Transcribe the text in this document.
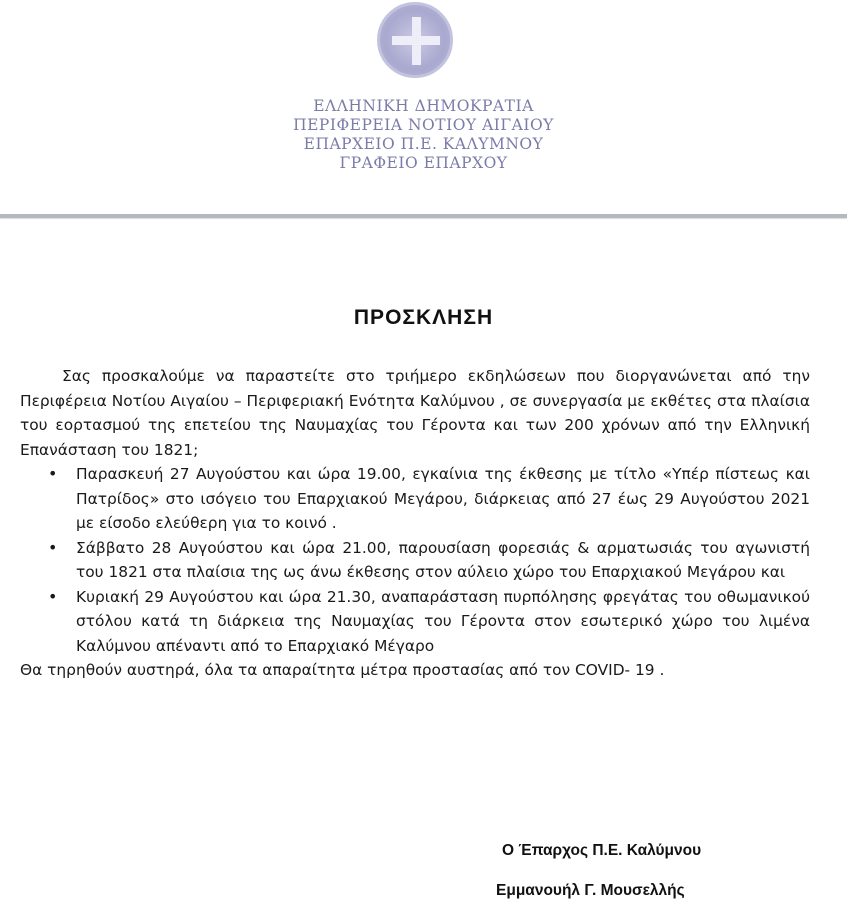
ΕΛΛΗΝΙΚΗ ΔΗΜΟΚΡΑΤΙΑ
ΠΕΡΙΦΕΡΕΙΑ ΝΟΤΙΟΥ ΑΙΓΑΙΟΥ
ΕΠΑΡΧΕΙΟ Π.Ε. ΚΑΛΥΜΝΟΥ
ΓΡΑΦΕΙΟ ΕΠΑΡΧΟΥ
ΠΡΟΣΚΛΗΣΗ
Σας προσκαλούμε να παραστείτε στο τριήμερο εκδηλώσεων που διοργανώνεται από την Περιφέρεια Νοτίου Αιγαίου – Περιφεριακή Ενότητα Καλύμνου , σε συνεργασία με εκθέτες στα πλαίσια του εορτασμού της επετείου της Ναυμαχίας του Γέροντα και των 200 χρόνων από την Ελληνική Επανάσταση του 1821;
• Παρασκευή 27 Αυγούστου και ώρα 19.00, εγκαίνια της έκθεσης με τίτλο «Υπέρ πίστεως και Πατρίδος» στο ισόγειο του Επαρχιακού Μεγάρου, διάρκειας από 27 έως 29 Αυγούστου 2021 με είσοδο ελεύθερη για το κοινό .
• Σάββατο 28 Αυγούστου και ώρα 21.00, παρουσίαση φορεσιάς & αρματωσιάς του αγωνιστή του 1821 στα πλαίσια της ως άνω έκθεσης στον αύλειο χώρο του Επαρχιακού Μεγάρου και
• Κυριακή 29 Αυγούστου και ώρα 21.30, αναπαράσταση πυρπόλησης φρεγάτας του οθωμανικού στόλου κατά τη διάρκεια της Ναυμαχίας του Γέροντα στον εσωτερικό χώρο του λιμένα Καλύμνου απέναντι από το Επαρχιακό Μέγαρο
Θα τηρηθούν αυστηρά, όλα τα απαραίτητα μέτρα προστασίας από τον COVID- 19 .
Ο Έπαρχος Π.Ε. Καλύμνου
Εμμανουήλ Γ. Μουσελλής
